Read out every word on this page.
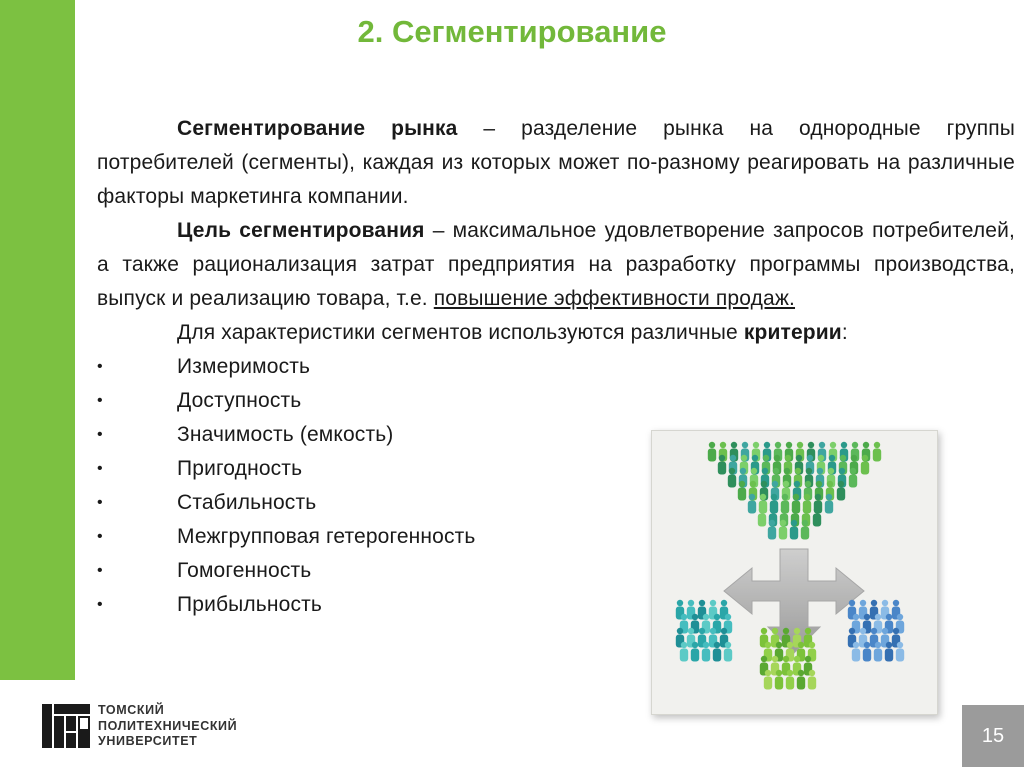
2. Сегментирование

Сегментирование рынка – разделение рынка на однородные группы потребителей (сегменты), каждая из которых может по-разному реагировать на различные факторы маркетинга компании.

Цель сегментирования – максимальное удовлетворение запросов потребителей, а также рационализация затрат предприятия на разработку программы производства, выпуск и реализацию товара, т.е. повышение эффективности продаж.

Для характеристики сегментов используются различные критерии:

•	Измеримость
•	Доступность
•	Значимость (емкость)
•	Пригодность
•	Стабильность
•	Межгрупповая гетерогенность
•	Гомогенность
•	Прибыльность
ТОМСКИЙ
ПОЛИТЕХНИЧЕСКИЙ
УНИВЕРСИТЕТ	15
